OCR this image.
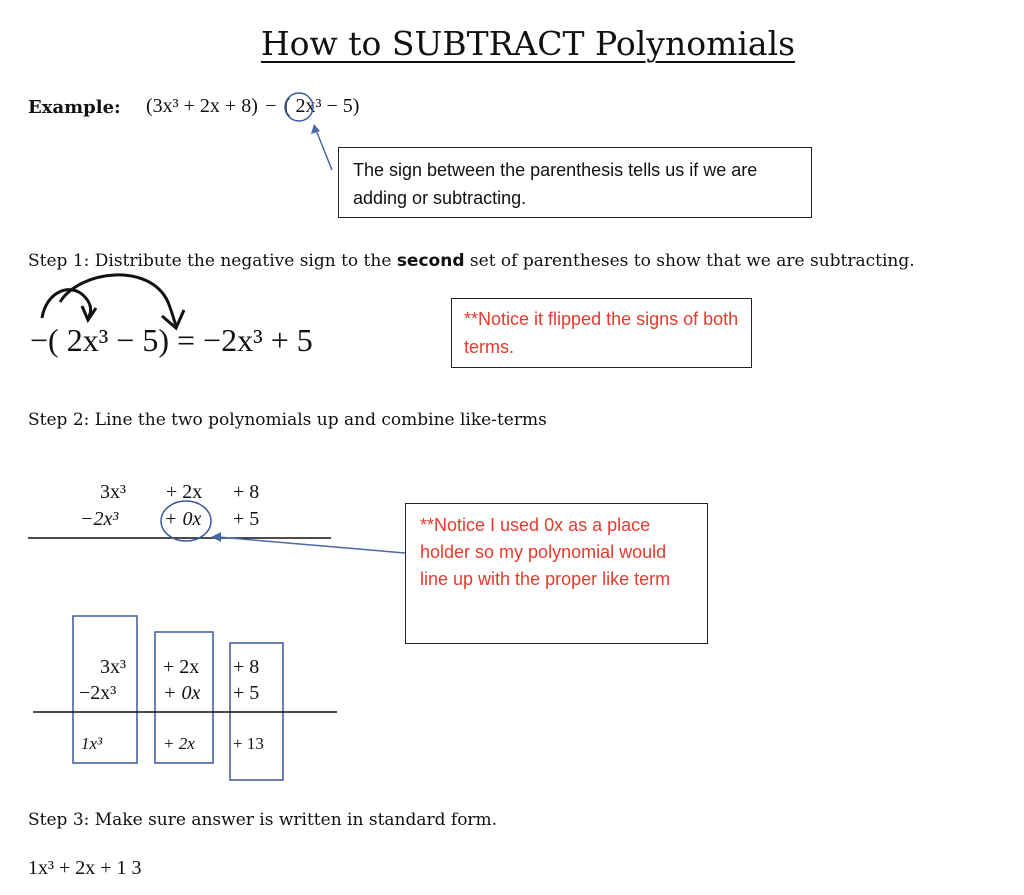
How to SUBTRACT Polynomials
Example: (3x³ + 2x + 8) − ( 2x³ − 5)
The sign between the parenthesis tells us if we are adding or subtracting.
Step 1: Distribute the negative sign to the second set of parentheses to show that we are subtracting.
−( 2x³ − 5) = −2x³ + 5
**Notice it flipped the signs of both terms.
Step 2: Line the two polynomials up and combine like-terms
3x³ + 2x + 8
−2x³ + 0x + 5	**Notice I used 0x as a place holder so my polynomial would line up with the proper like term
3x³ + 2x + 8
−2x³ + 0x + 5
1x³	+ 2x + 13
Step 3: Make sure answer is written in standard form.
1x³ + 2x + 1 3
